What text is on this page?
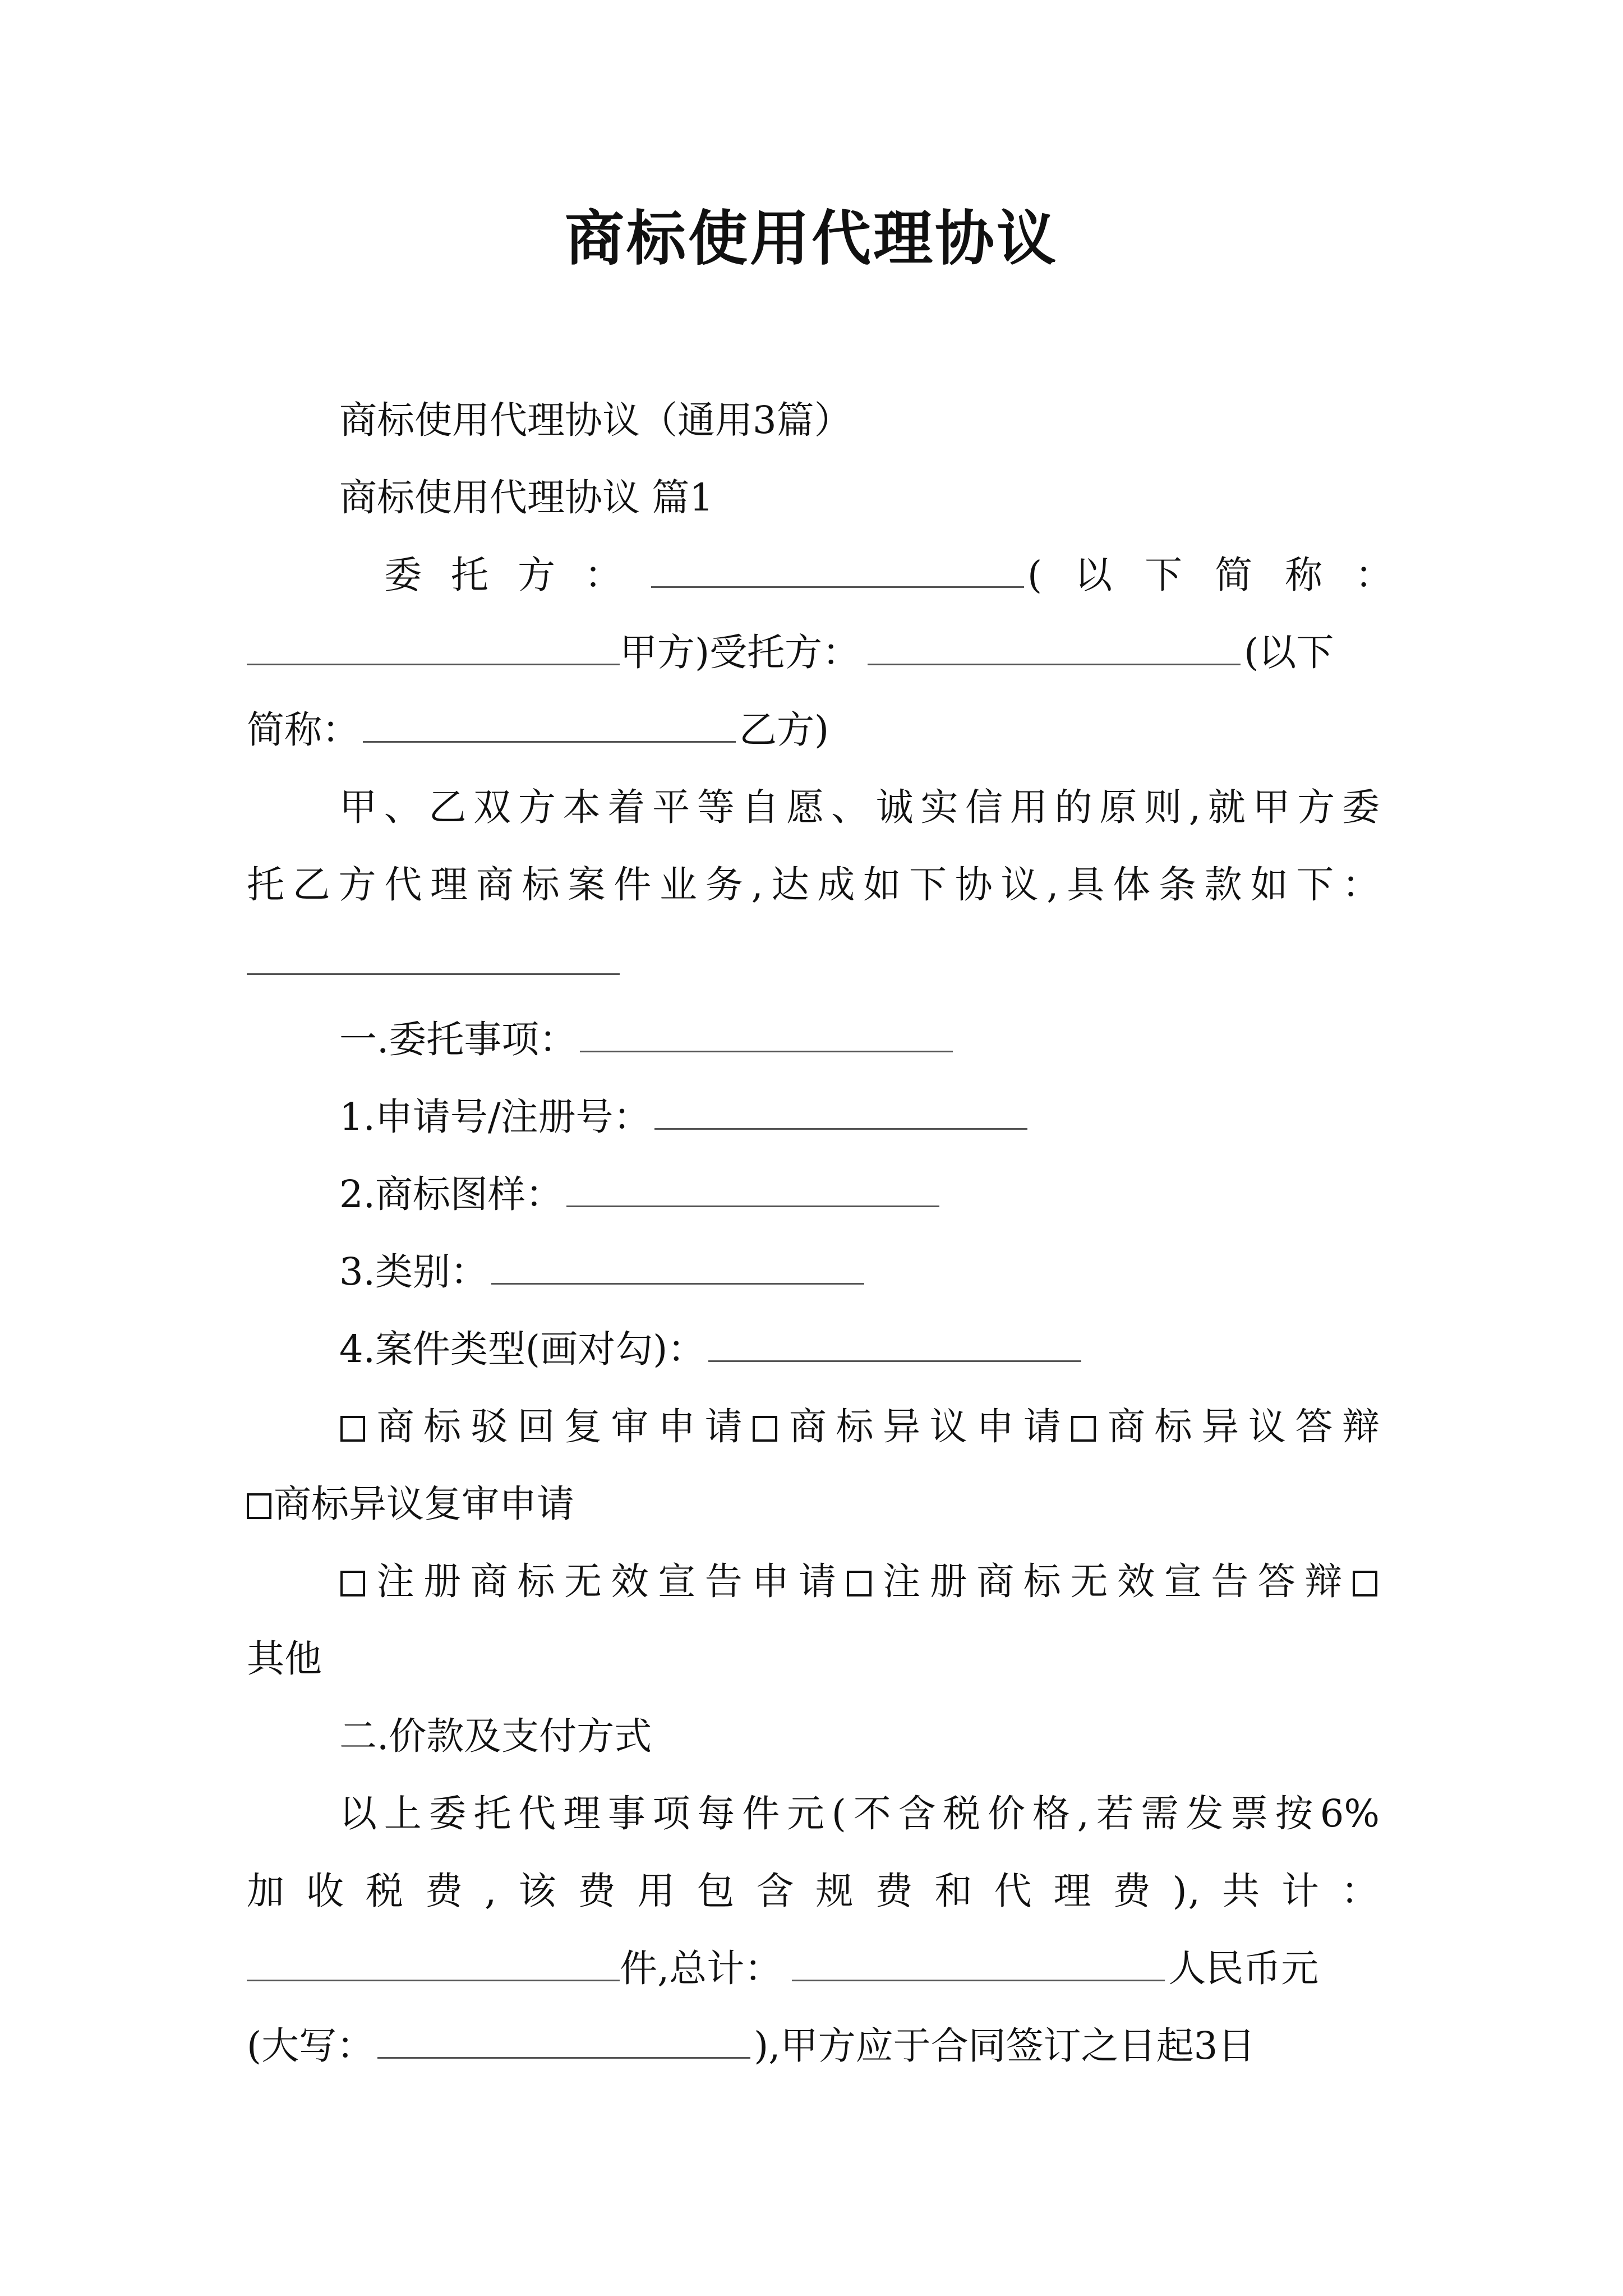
商标使用代理协议
商标使用代理协议（通用3篇）
商标使用代理协议 篇1
委托方：	(以下简称：
甲方)受托方：	(以下
简称：	乙方)
甲、乙双方本着平等自愿、诚实信用的原则,就甲方委
托乙方代理商标案件业务,达成如下协议,具体条款如下：
一.委托事项：
1.申请号/注册号：
2.商标图样：
3.类别：
4.案件类型(画对勾)：
商标驳回复审申请 商标异议申请 商标异议答辩
商标异议复审申请
注册商标无效宣告申请 注册商标无效宣告答辩
其他
二.价款及支付方式
以上委托代理事项每件元(不含税价格,若需发票按6%
加收税费,该费用包含规费和代理费),共计：
件,总计：	人民币元
(大写：	),甲方应于合同签订之日起3日
